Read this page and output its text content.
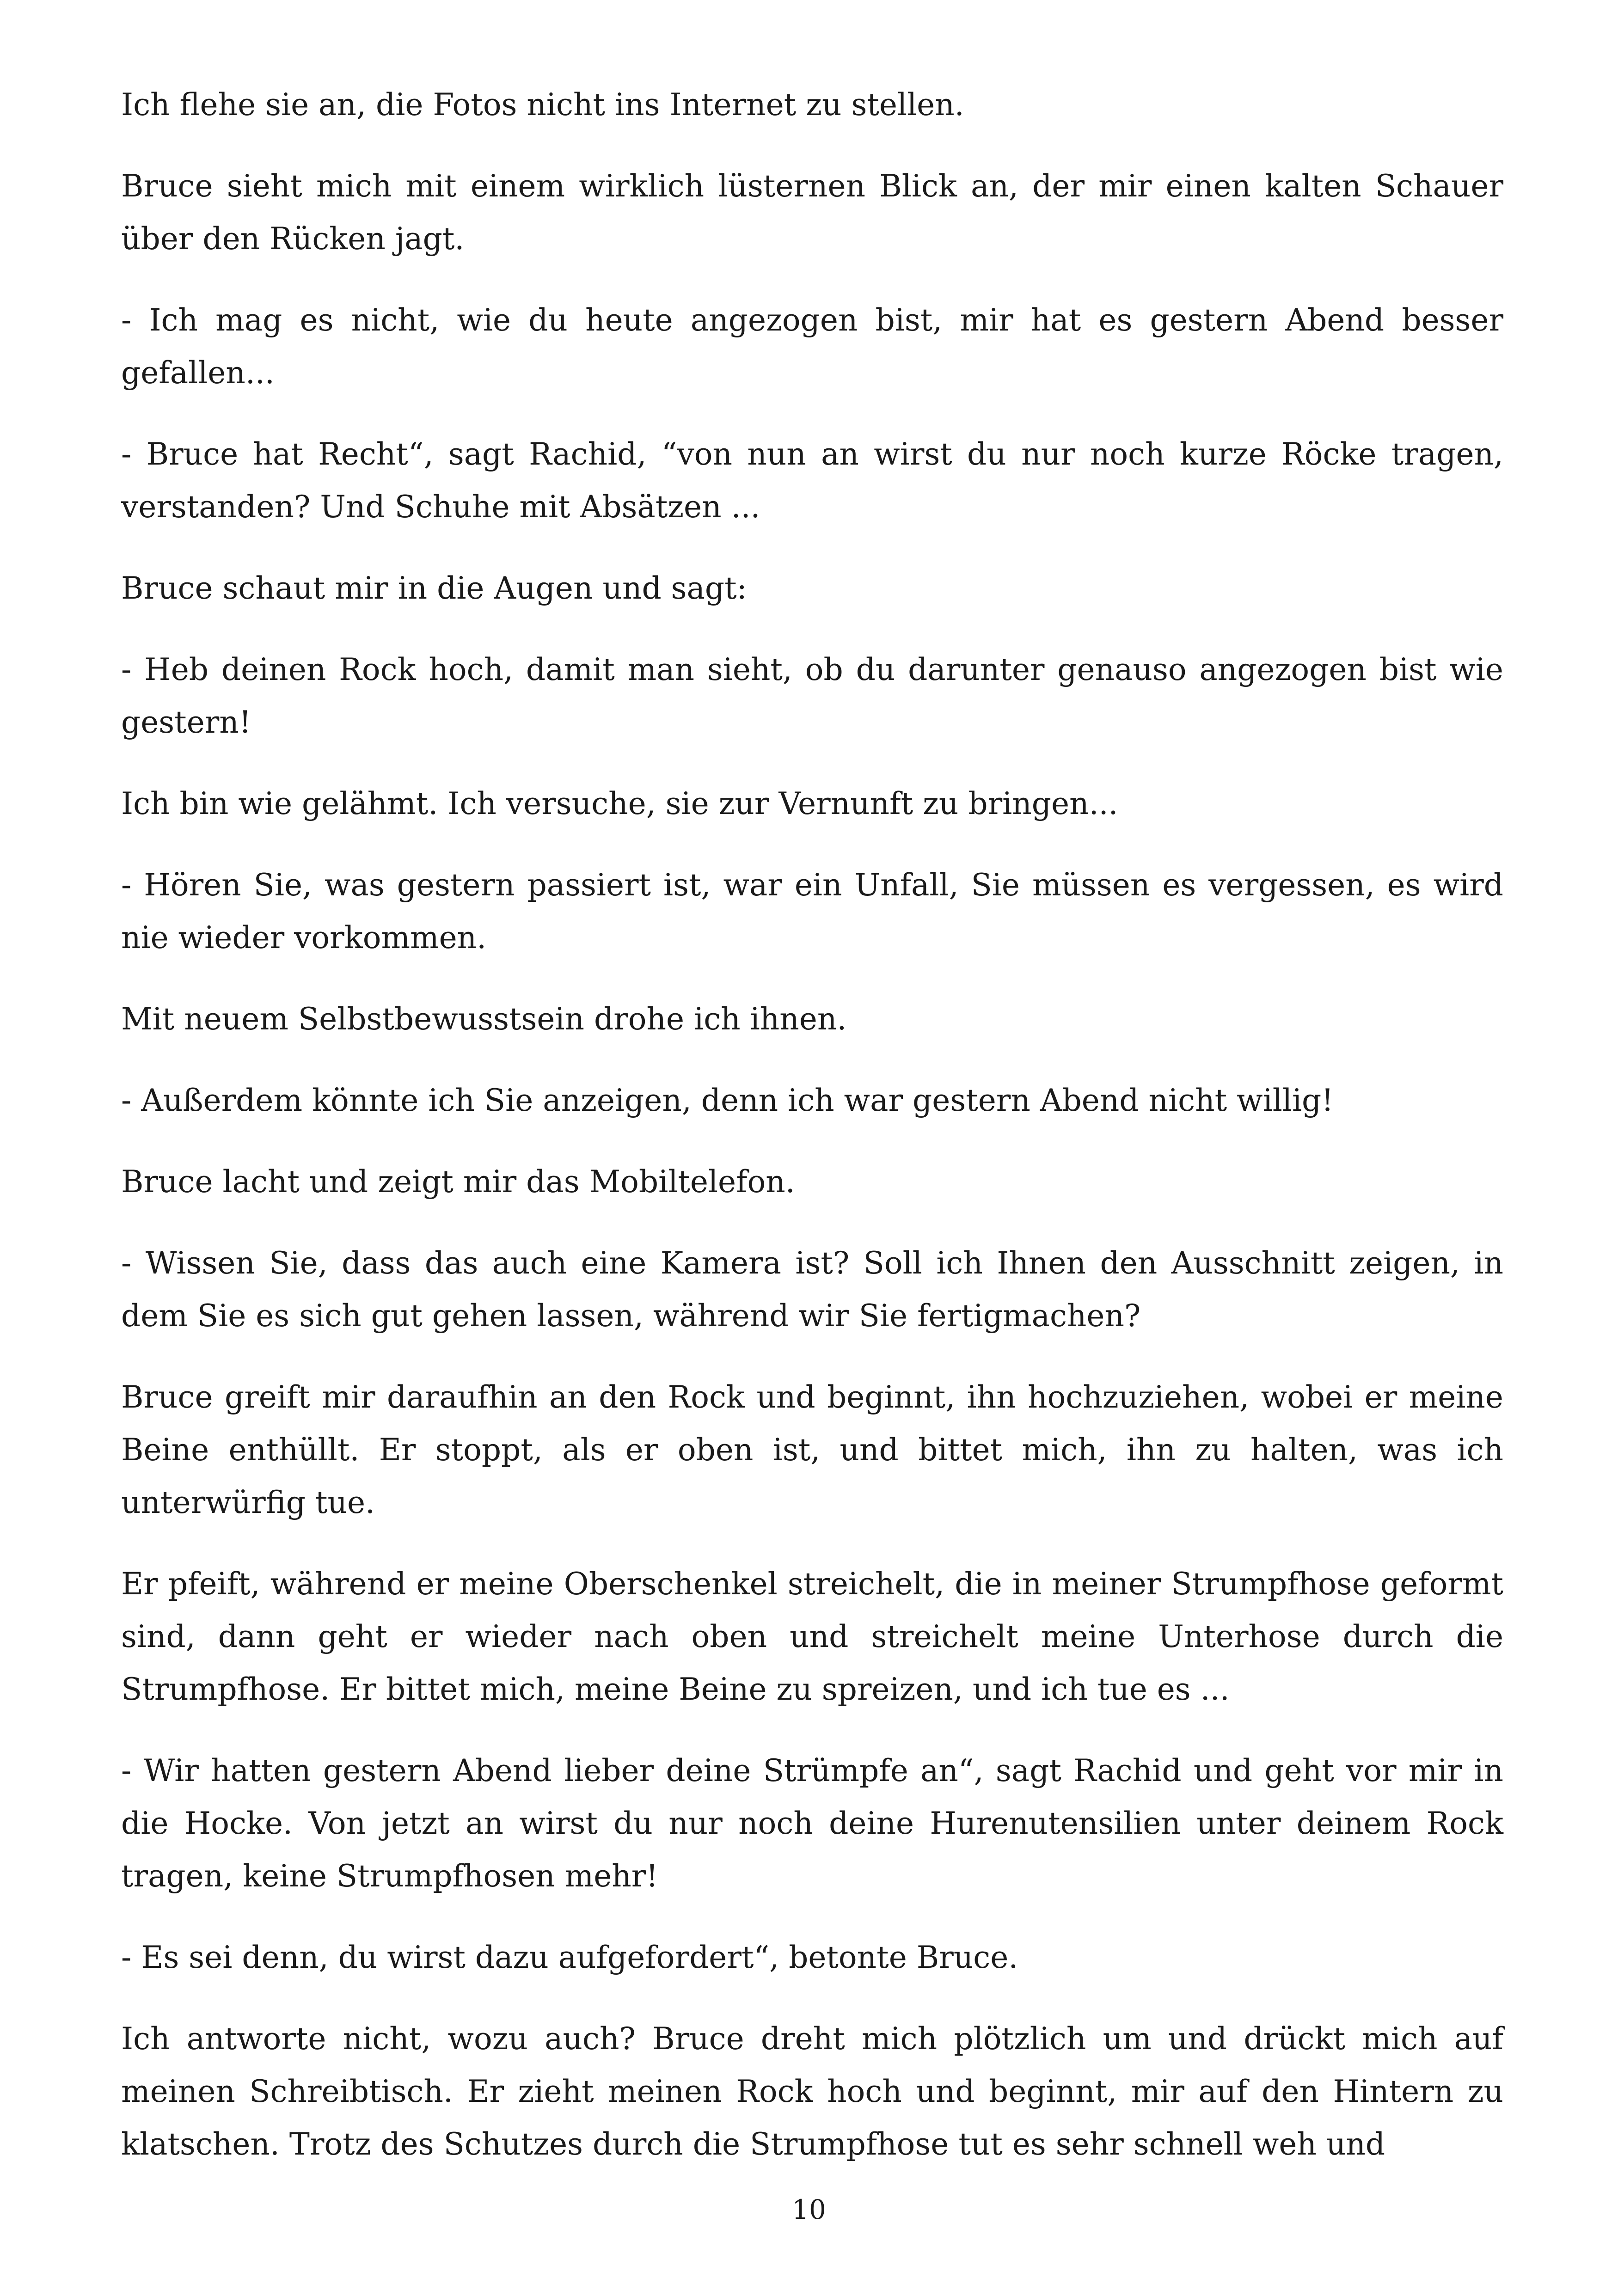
Ich flehe sie an, die Fotos nicht ins Internet zu stellen.

Bruce sieht mich mit einem wirklich lüsternen Blick an, der mir einen kalten Schauer über den Rücken jagt.

- Ich mag es nicht, wie du heute angezogen bist, mir hat es gestern Abend besser gefallen...

- Bruce hat Recht“, sagt Rachid, “von nun an wirst du nur noch kurze Röcke tragen, verstanden? Und Schuhe mit Absätzen ...

Bruce schaut mir in die Augen und sagt:

- Heb deinen Rock hoch, damit man sieht, ob du darunter genauso angezogen bist wie gestern!

Ich bin wie gelähmt. Ich versuche, sie zur Vernunft zu bringen...

- Hören Sie, was gestern passiert ist, war ein Unfall, Sie müssen es vergessen, es wird nie wieder vorkommen.

Mit neuem Selbstbewusstsein drohe ich ihnen.

- Außerdem könnte ich Sie anzeigen, denn ich war gestern Abend nicht willig!

Bruce lacht und zeigt mir das Mobiltelefon.

- Wissen Sie, dass das auch eine Kamera ist? Soll ich Ihnen den Ausschnitt zeigen, in dem Sie es sich gut gehen lassen, während wir Sie fertigmachen?

Bruce greift mir daraufhin an den Rock und beginnt, ihn hochzuziehen, wobei er meine Beine enthüllt. Er stoppt, als er oben ist, und bittet mich, ihn zu halten, was ich unterwürfig tue.

Er pfeift, während er meine Oberschenkel streichelt, die in meiner Strumpfhose geformt sind, dann geht er wieder nach oben und streichelt meine Unterhose durch die Strumpfhose. Er bittet mich, meine Beine zu spreizen, und ich tue es ...

- Wir hatten gestern Abend lieber deine Strümpfe an“, sagt Rachid und geht vor mir in die Hocke. Von jetzt an wirst du nur noch deine Hurenutensilien unter deinem Rock tragen, keine Strumpfhosen mehr!

- Es sei denn, du wirst dazu aufgefordert“, betonte Bruce.

Ich antworte nicht, wozu auch? Bruce dreht mich plötzlich um und drückt mich auf meinen Schreibtisch. Er zieht meinen Rock hoch und beginnt, mir auf den Hintern zu klatschen. Trotz des Schutzes durch die Strumpfhose tut es sehr schnell weh und

10
